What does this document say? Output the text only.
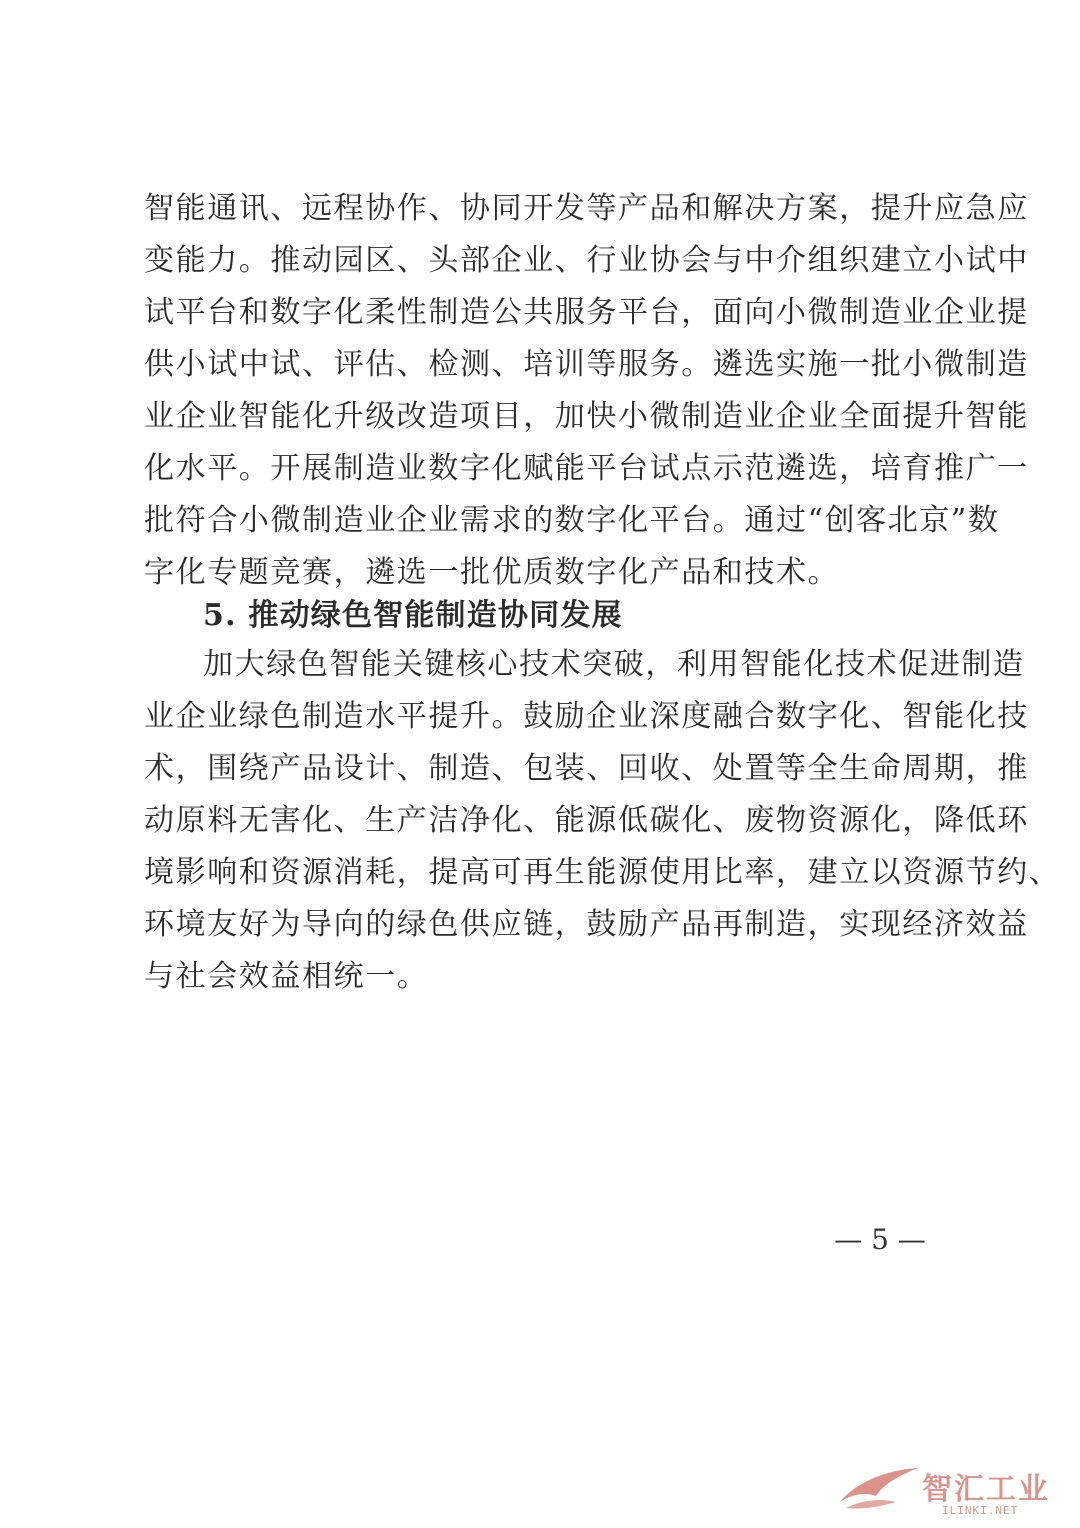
智能通讯、远程协作、协同开发等产品和解决方案，提升应急应
变能力。推动园区、头部企业、行业协会与中介组织建立小试中
试平台和数字化柔性制造公共服务平台，面向小微制造业企业提
供小试中试、评估、检测、培训等服务。遴选实施一批小微制造
业企业智能化升级改造项目，加快小微制造业企业全面提升智能
化水平。开展制造业数字化赋能平台试点示范遴选，培育推广一
批符合小微制造业企业需求的数字化平台。通过“创客北京”数
字化专题竞赛，遴选一批优质数字化产品和技术。
5. 推动绿色智能制造协同发展
加大绿色智能关键核心技术突破，利用智能化技术促进制造
业企业绿色制造水平提升。鼓励企业深度融合数字化、智能化技
术，围绕产品设计、制造、包装、回收、处置等全生命周期，推
动原料无害化、生产洁净化、能源低碳化、废物资源化，降低环
境影响和资源消耗，提高可再生能源使用比率，建立以资源节约、
环境友好为导向的绿色供应链，鼓励产品再制造，实现经济效益
与社会效益相统一。
— 5 —
智汇工业
ILINKI.NET
